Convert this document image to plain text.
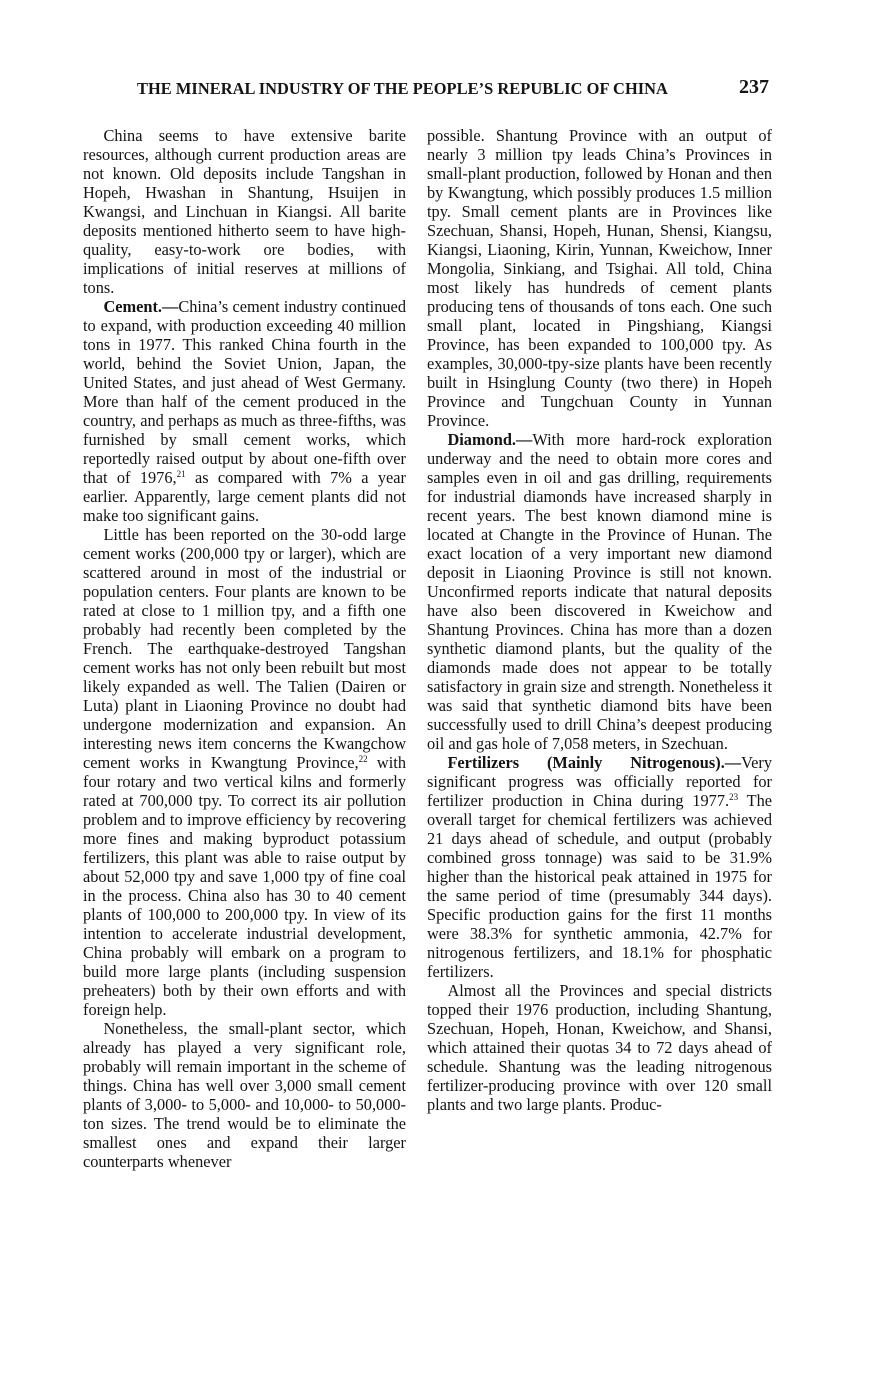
THE MINERAL INDUSTRY OF THE PEOPLE’S REPUBLIC OF CHINA	237

China seems to have extensive barite resources, although current production areas are not known. Old deposits include Tangshan in Hopeh, Hwashan in Shantung, Hsuijen in Kwangsi, and Linchuan in Kiangsi. All barite deposits mentioned hitherto seem to have high-quality, easy-to-work ore bodies, with implications of initial reserves at millions of tons.

Cement.—China’s cement industry continued to expand, with production exceeding 40 million tons in 1977. This ranked China fourth in the world, behind the Soviet Union, Japan, the United States, and just ahead of West Germany. More than half of the cement produced in the country, and perhaps as much as three-fifths, was furnished by small cement works, which reportedly raised output by about one-fifth over that of 1976,21 as compared with 7% a year earlier. Apparently, large cement plants did not make too significant gains.

Little has been reported on the 30-odd large cement works (200,000 tpy or larger), which are scattered around in most of the industrial or population centers. Four plants are known to be rated at close to 1 million tpy, and a fifth one probably had recently been completed by the French. The earthquake-destroyed Tangshan cement works has not only been rebuilt but most likely expanded as well. The Talien (Dairen or Luta) plant in Liaoning Province no doubt had undergone modernization and expansion. An interesting news item concerns the Kwangchow cement works in Kwangtung Province,$^{22}$ with four rotary and two vertical kilns and formerly rated at 700,000 tpy. To correct its air pollution problem and to improve efficiency by recovering more fines and making byproduct potassium fertilizers, this plant was able to raise output by about 52,000 tpy and save 1,000 tpy of fine coal in the process. China also has 30 to 40 cement plants of 100,000 to 200,000 tpy. In view of its intention to accelerate industrial development, China probably will embark on a program to build more large plants (including suspension preheaters) both by their own efforts and with foreign help.

Nonetheless, the small-plant sector, which already has played a very significant role, probably will remain important in the scheme of things. China has well over 3,000 small cement plants of 3,000- to 5,000- and 10,000- to 50,000-ton sizes. The trend would be to eliminate the smallest ones and expand their larger counterparts whenever

possible. Shantung Province with an output of nearly 3 million tpy leads China’s Provinces in small-plant production, followed by Honan and then by Kwangtung, which possibly produces 1.5 million tpy. Small cement plants are in Provinces like Szechuan, Shansi, Hopeh, Hunan, Shensi, Kiangsu, Kiangsi, Liaoning, Kirin, Yunnan, Kweichow, Inner Mongolia, Sinkiang, and Tsighai. All told, China most likely has hundreds of cement plants producing tens of thousands of tons each. One such small plant, located in Pingshiang, Kiangsi Province, has been expanded to 100,000 tpy. As examples, 30,000-tpy-size plants have been recently built in Hsinglung County (two there) in Hopeh Province and Tungchuan County in Yunnan Province.

Diamond.—With more hard-rock exploration underway and the need to obtain more cores and samples even in oil and gas drilling, requirements for industrial diamonds have increased sharply in recent years. The best known diamond mine is located at Changte in the Province of Hunan. The exact location of a very important new diamond deposit in Liaoning Province is still not known. Unconfirmed reports indicate that natural deposits have also been discovered in Kweichow and Shantung Provinces. China has more than a dozen synthetic diamond plants, but the quality of the diamonds made does not appear to be totally satisfactory in grain size and strength. Nonetheless it was said that synthetic diamond bits have been successfully used to drill China’s deepest producing oil and gas hole of 7,058 meters, in Szechuan.

Fertilizers (Mainly Nitrogenous).—Very significant progress was officially reported for fertilizer production in China during 1977.23 The overall target for chemical fertilizers was achieved 21 days ahead of schedule, and output (probably combined gross tonnage) was said to be 31.9% higher than the historical peak attained in 1975 for the same period of time (presumably 344 days). Specific production gains for the first 11 months were 38.3% for synthetic ammonia, 42.7% for nitrogenous fertilizers, and 18.1% for phosphatic fertilizers.

Almost all the Provinces and special districts topped their 1976 production, including Shantung, Szechuan, Hopeh, Honan, Kweichow, and Shansi, which attained their quotas 34 to 72 days ahead of schedule. Shantung was the leading nitrogenous fertilizer-producing province with over 120 small plants and two large plants. Produc-
